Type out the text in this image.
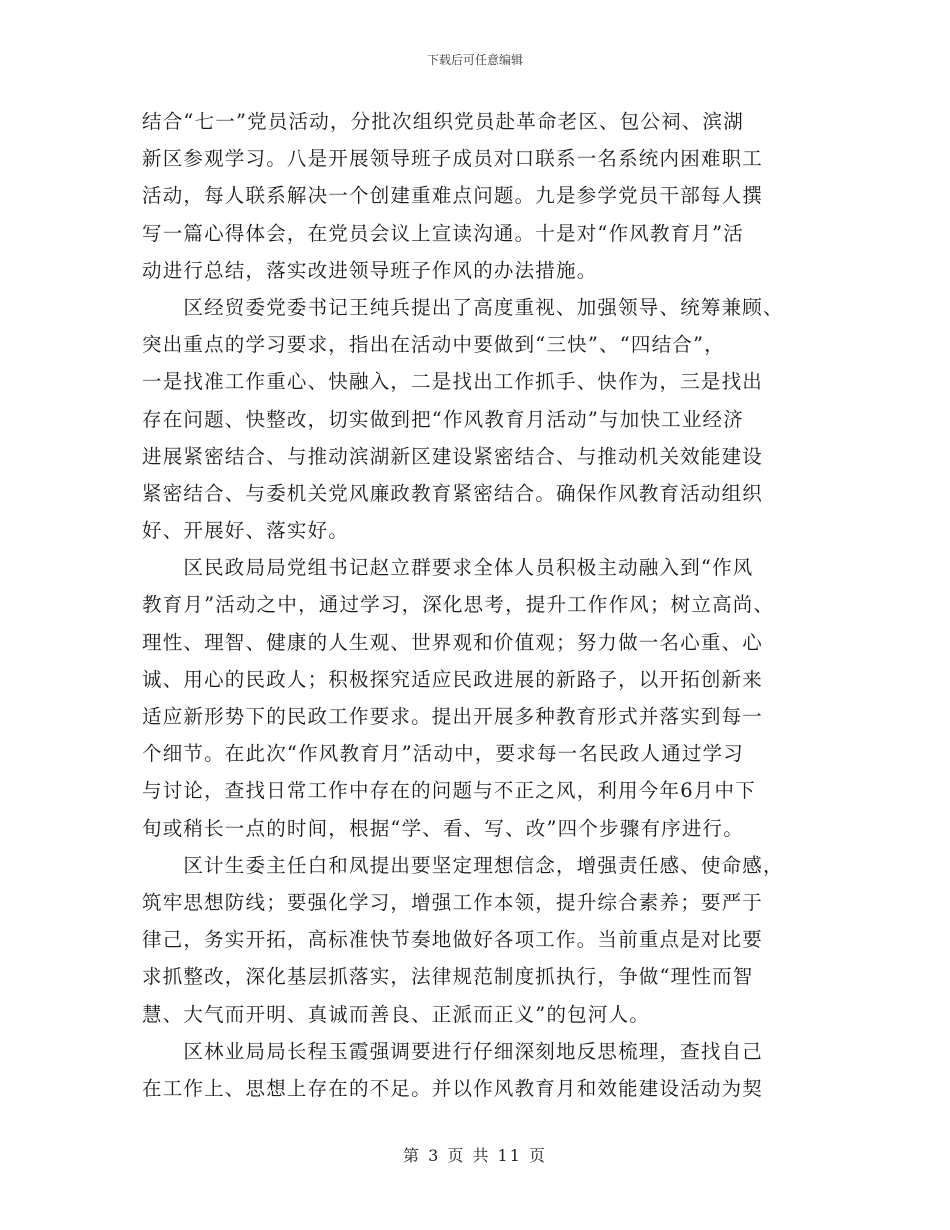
下载后可任意编辑
结合“七一”党员活动，分批次组织党员赴革命老区、包公祠、滨湖
新区参观学习。八是开展领导班子成员对口联系一名系统内困难职工
活动，每人联系解决一个创建重难点问题。九是参学党员干部每人撰
写一篇心得体会，在党员会议上宣读沟通。十是对“作风教育月”活
动进行总结，落实改进领导班子作风的办法措施。
　　区经贸委党委书记王纯兵提出了高度重视、加强领导、统筹兼顾、
突出重点的学习要求，指出在活动中要做到“三快”、“四结合”，
一是找准工作重心、快融入，二是找出工作抓手、快作为，三是找出
存在问题、快整改，切实做到把“作风教育月活动”与加快工业经济
进展紧密结合、与推动滨湖新区建设紧密结合、与推动机关效能建设
紧密结合、与委机关党风廉政教育紧密结合。确保作风教育活动组织
好、开展好、落实好。
　　区民政局局党组书记赵立群要求全体人员积极主动融入到“作风
教育月”活动之中，通过学习，深化思考，提升工作作风；树立高尚、
理性、理智、健康的人生观、世界观和价值观；努力做一名心重、心
诚、用心的民政人；积极探究适应民政进展的新路子，以开拓创新来
适应新形势下的民政工作要求。提出开展多种教育形式并落实到每一
个细节。在此次“作风教育月”活动中，要求每一名民政人通过学习
与讨论，查找日常工作中存在的问题与不正之风，利用今年6月中下
旬或稍长一点的时间，根据“学、看、写、改”四个步骤有序进行。
　　区计生委主任白和凤提出要坚定理想信念，增强责任感、使命感，
筑牢思想防线；要强化学习，增强工作本领，提升综合素养；要严于
律己，务实开拓，高标准快节奏地做好各项工作。当前重点是对比要
求抓整改，深化基层抓落实，法律规范制度抓执行，争做“理性而智
慧、大气而开明、真诚而善良、正派而正义”的包河人。
　　区林业局局长程玉霞强调要进行仔细深刻地反思梳理，查找自己
在工作上、思想上存在的不足。并以作风教育月和效能建设活动为契
第 3 页 共 11 页
